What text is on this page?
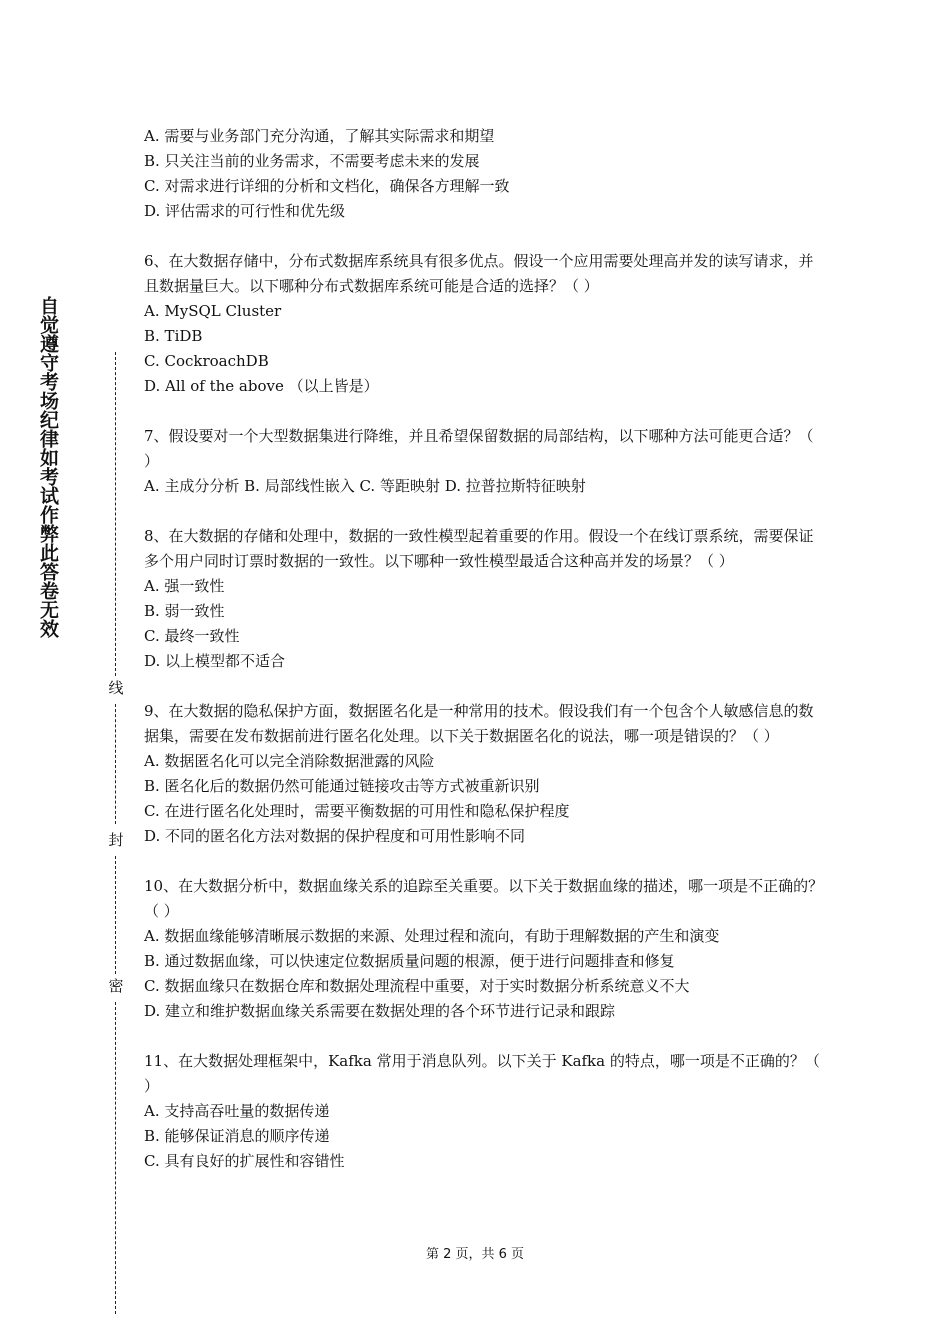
自觉遵守考场纪律如考试作弊此答卷无效
线
封
密
A. 需要与业务部门充分沟通，了解其实际需求和期望
B. 只关注当前的业务需求，不需要考虑未来的发展
C. 对需求进行详细的分析和文档化，确保各方理解一致
D. 评估需求的可行性和优先级
6、在大数据存储中，分布式数据库系统具有很多优点。假设一个应用需要处理高并发的读写请求，并且数据量巨大。以下哪种分布式数据库系统可能是合适的选择？（ ）
A. MySQL Cluster
B. TiDB
C. CockroachDB
D. All of the above （以上皆是）
7、假设要对一个大型数据集进行降维，并且希望保留数据的局部结构，以下哪种方法可能更合适？（ ）
A. 主成分分析 B. 局部线性嵌入 C. 等距映射 D. 拉普拉斯特征映射
8、在大数据的存储和处理中，数据的一致性模型起着重要的作用。假设一个在线订票系统，需要保证多个用户同时订票时数据的一致性。以下哪种一致性模型最适合这种高并发的场景？（ ）
A. 强一致性
B. 弱一致性
C. 最终一致性
D. 以上模型都不适合
9、在大数据的隐私保护方面，数据匿名化是一种常用的技术。假设我们有一个包含个人敏感信息的数据集，需要在发布数据前进行匿名化处理。以下关于数据匿名化的说法，哪一项是错误的？（ ）
A. 数据匿名化可以完全消除数据泄露的风险
B. 匿名化后的数据仍然可能通过链接攻击等方式被重新识别
C. 在进行匿名化处理时，需要平衡数据的可用性和隐私保护程度
D. 不同的匿名化方法对数据的保护程度和可用性影响不同
10、在大数据分析中，数据血缘关系的追踪至关重要。以下关于数据血缘的描述，哪一项是不正确的？（ ）
A. 数据血缘能够清晰展示数据的来源、处理过程和流向，有助于理解数据的产生和演变
B. 通过数据血缘，可以快速定位数据质量问题的根源，便于进行问题排查和修复
C. 数据血缘只在数据仓库和数据处理流程中重要，对于实时数据分析系统意义不大
D. 建立和维护数据血缘关系需要在数据处理的各个环节进行记录和跟踪
11、在大数据处理框架中，Kafka 常用于消息队列。以下关于 Kafka 的特点，哪一项是不正确的？（ ）
A. 支持高吞吐量的数据传递
B. 能够保证消息的顺序传递
C. 具有良好的扩展性和容错性
第 2 页，共 6 页
